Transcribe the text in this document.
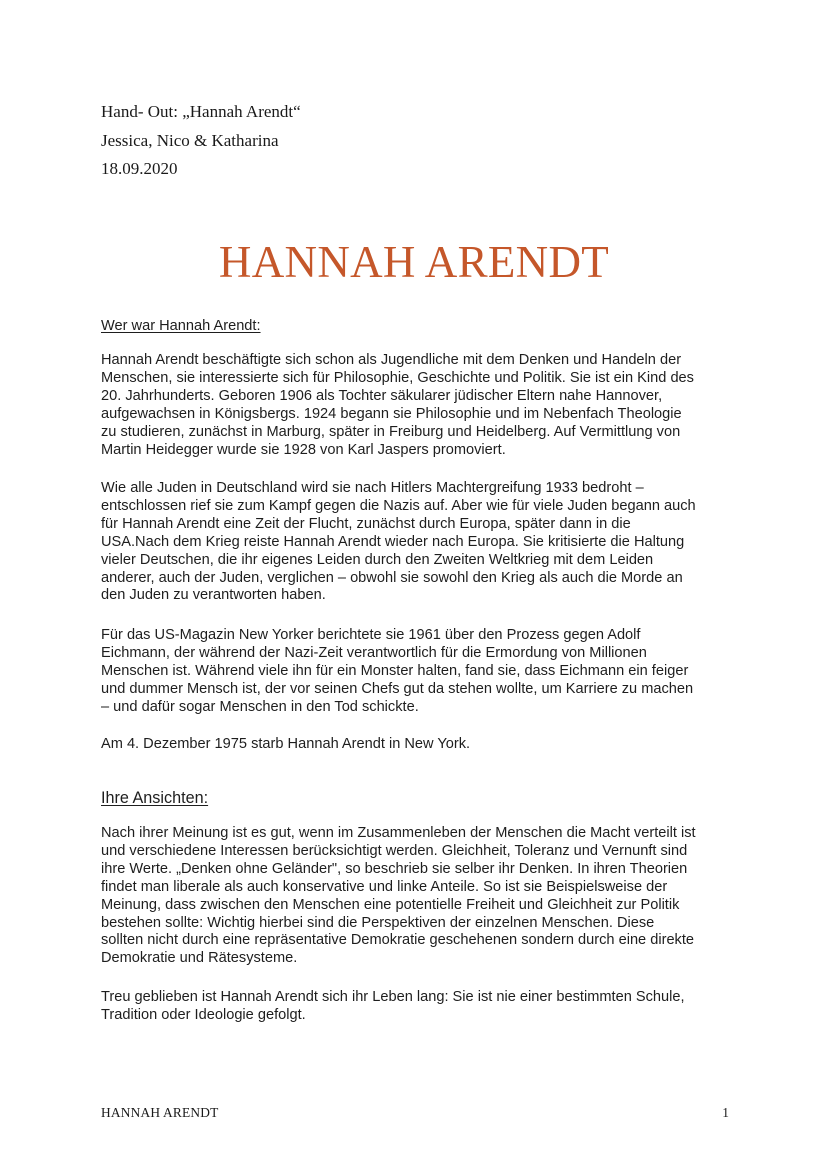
Hand- Out: „Hannah Arendt“
Jessica, Nico & Katharina
18.09.2020
HANNAH ARENDT
Wer war Hannah Arendt:
Hannah Arendt beschäftigte sich schon als Jugendliche mit dem Denken und Handeln der
Menschen, sie interessierte sich für Philosophie, Geschichte und Politik. Sie ist ein Kind des
20. Jahrhunderts. Geboren 1906 als Tochter säkularer jüdischer Eltern nahe Hannover,
aufgewachsen in Königsbergs. 1924 begann sie Philosophie und im Nebenfach Theologie
zu studieren, zunächst in Marburg, später in Freiburg und Heidelberg. Auf Vermittlung von
Martin Heidegger wurde sie 1928 von Karl Jaspers promoviert.
Wie alle Juden in Deutschland wird sie nach Hitlers Machtergreifung 1933 bedroht –
entschlossen rief sie zum Kampf gegen die Nazis auf. Aber wie für viele Juden begann auch
für Hannah Arendt eine Zeit der Flucht, zunächst durch Europa, später dann in die
USA.Nach dem Krieg reiste Hannah Arendt wieder nach Europa. Sie kritisierte die Haltung
vieler Deutschen, die ihr eigenes Leiden durch den Zweiten Weltkrieg mit dem Leiden
anderer, auch der Juden, verglichen – obwohl sie sowohl den Krieg als auch die Morde an
den Juden zu verantworten haben.
Für das US-Magazin New Yorker berichtete sie 1961 über den Prozess gegen Adolf
Eichmann, der während der Nazi-Zeit verantwortlich für die Ermordung von Millionen
Menschen ist. Während viele ihn für ein Monster halten, fand sie, dass Eichmann ein feiger
und dummer Mensch ist, der vor seinen Chefs gut da stehen wollte, um Karriere zu machen
– und dafür sogar Menschen in den Tod schickte.
Am 4. Dezember 1975 starb Hannah Arendt in New York.
Ihre Ansichten:
Nach ihrer Meinung ist es gut, wenn im Zusammenleben der Menschen die Macht verteilt ist
und verschiedene Interessen berücksichtigt werden. Gleichheit, Toleranz und Vernunft sind
ihre Werte. „Denken ohne Geländer", so beschrieb sie selber ihr Denken. In ihren Theorien
findet man liberale als auch konservative und linke Anteile. So ist sie Beispielsweise der
Meinung, dass zwischen den Menschen eine potentielle Freiheit und Gleichheit zur Politik
bestehen sollte: Wichtig hierbei sind die Perspektiven der einzelnen Menschen. Diese
sollten nicht durch eine repräsentative Demokratie geschehenen sondern durch eine direkte
Demokratie und Rätesysteme.
Treu geblieben ist Hannah Arendt sich ihr Leben lang: Sie ist nie einer bestimmten Schule,
Tradition oder Ideologie gefolgt.
HANNAH ARENDT	1
